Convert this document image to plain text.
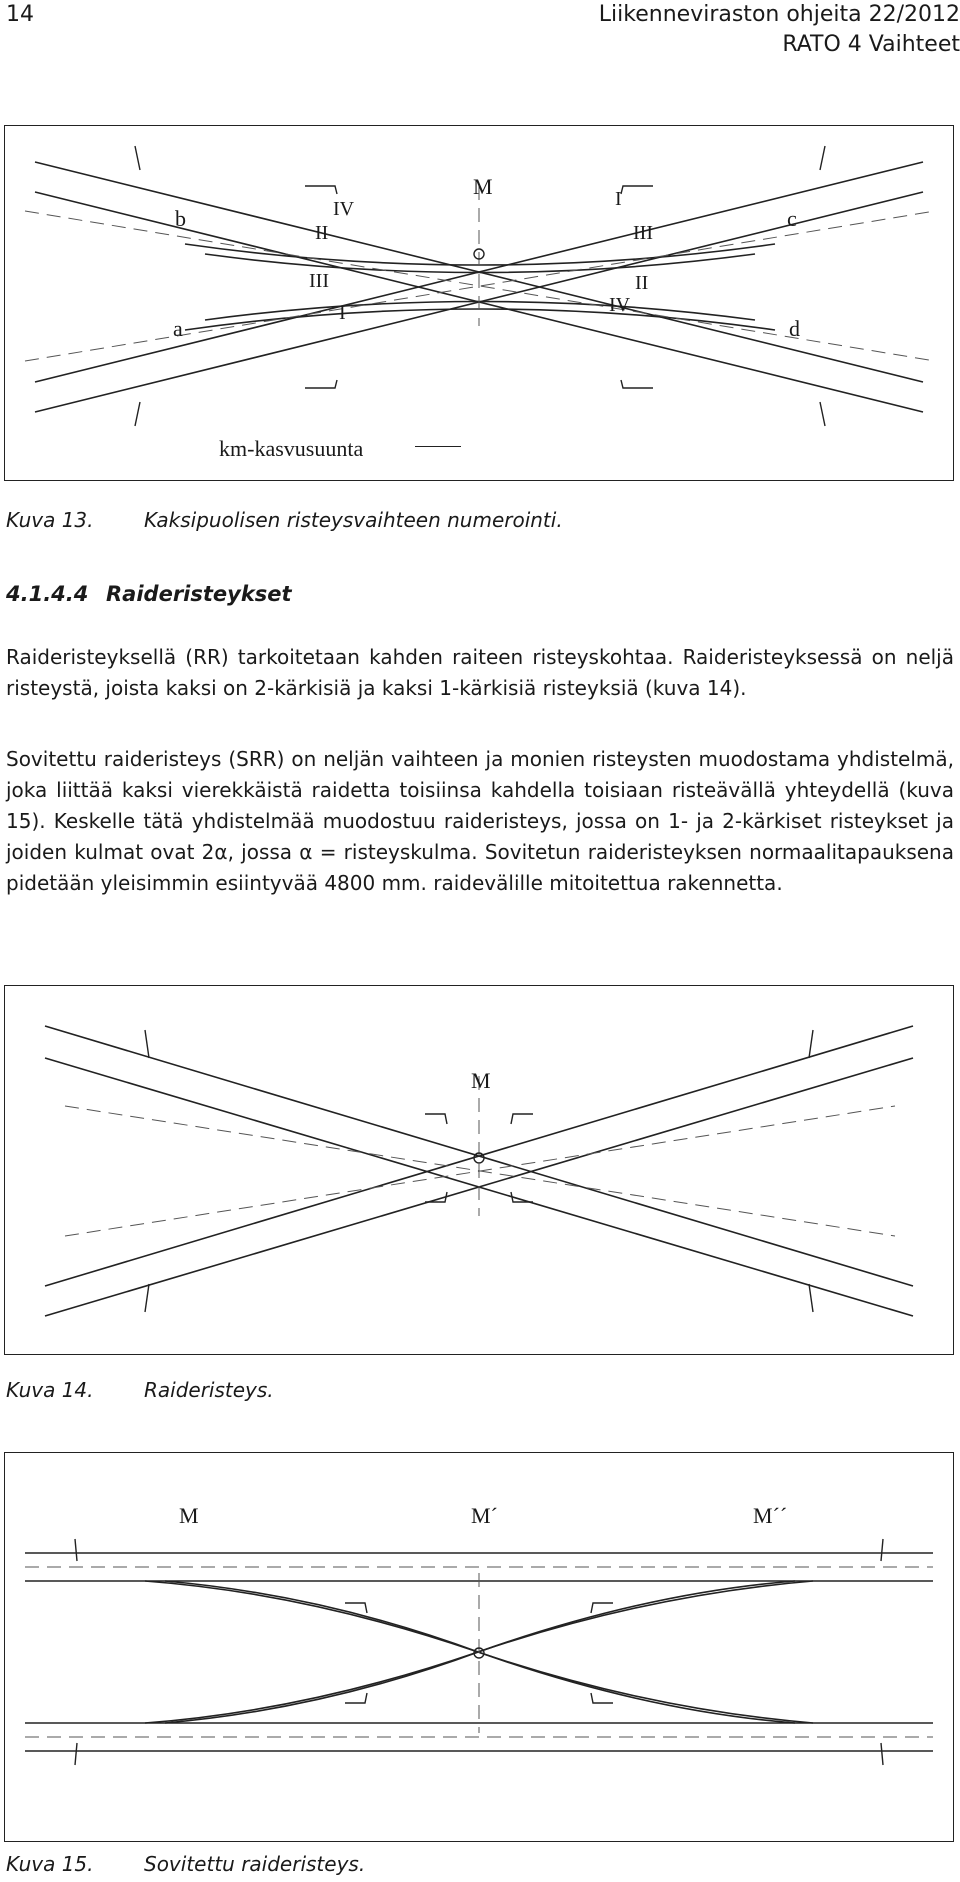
14	Liikenneviraston ohjeita 22/2012
RATO 4 Vaihteet
M
b	IV
II
I
III
c
III
I
II
IV
a	d
km-kasvusuunta
Kuva 13.	Kaksipuolisen risteysvaihteen numerointi.
4.1.4.4 Raideristeykset

Raideristeyksellä (RR) tarkoitetaan kahden raiteen risteyskohtaa. Raideristeyksessä on neljä risteystä, joista kaksi on 2-kärkisiä ja kaksi 1-kärkisiä risteyksiä (kuva 14).

Sovitettu raideristeys (SRR) on neljän vaihteen ja monien risteysten muodostama yhdistelmä, joka liittää kaksi vierekkäistä raidetta toisiinsa kahdella toisiaan risteävällä yhteydellä (kuva 15). Keskelle tätä yhdistelmää muodostuu raideristeys, jossa on 1- ja 2-kärkiset risteykset ja joiden kulmat ovat 2α, jossa α = risteyskulma. Sovitetun raideristeyksen normaalitapauksena pidetään yleisimmin esiintyvää 4800 mm. raidevälille mitoitettua rakennetta.

M
Kuva 14.	Raideristeys.
M	M´	M´´
Kuva 15.	Sovitettu raideristeys.
